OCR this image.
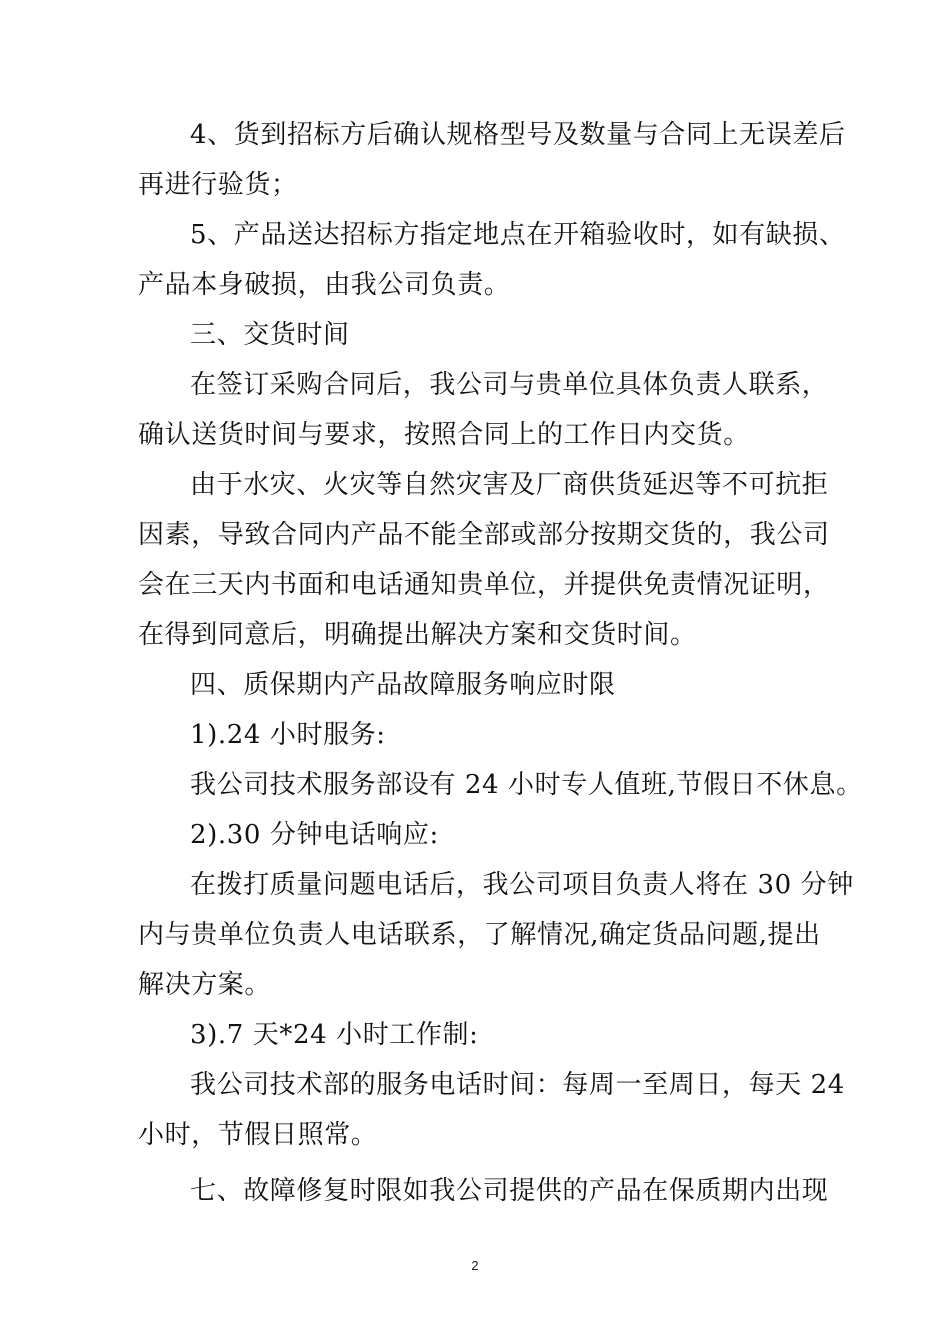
4、货到招标方后确认规格型号及数量与合同上无误差后
再进行验货；
5、产品送达招标方指定地点在开箱验收时，如有缺损、
产品本身破损，由我公司负责。
三、交货时间
在签订采购合同后，我公司与贵单位具体负责人联系，
确认送货时间与要求，按照合同上的工作日内交货。
由于水灾、火灾等自然灾害及厂商供货延迟等不可抗拒
因素，导致合同内产品不能全部或部分按期交货的，我公司
会在三天内书面和电话通知贵单位，并提供免责情况证明，
在得到同意后，明确提出解决方案和交货时间。
四、质保期内产品故障服务响应时限
1).24 小时服务:
我公司技术服务部设有 24 小时专人值班,节假日不休息。
2).30 分钟电话响应:
在拨打质量问题电话后，我公司项目负责人将在 30 分钟
内与贵单位负责人电话联系，了解情况,确定货品问题,提出
解决方案。
3).7 天*24 小时工作制:
我公司技术部的服务电话时间：每周一至周日，每天 24
小时，节假日照常。
七、故障修复时限如我公司提供的产品在保质期内出现
2
